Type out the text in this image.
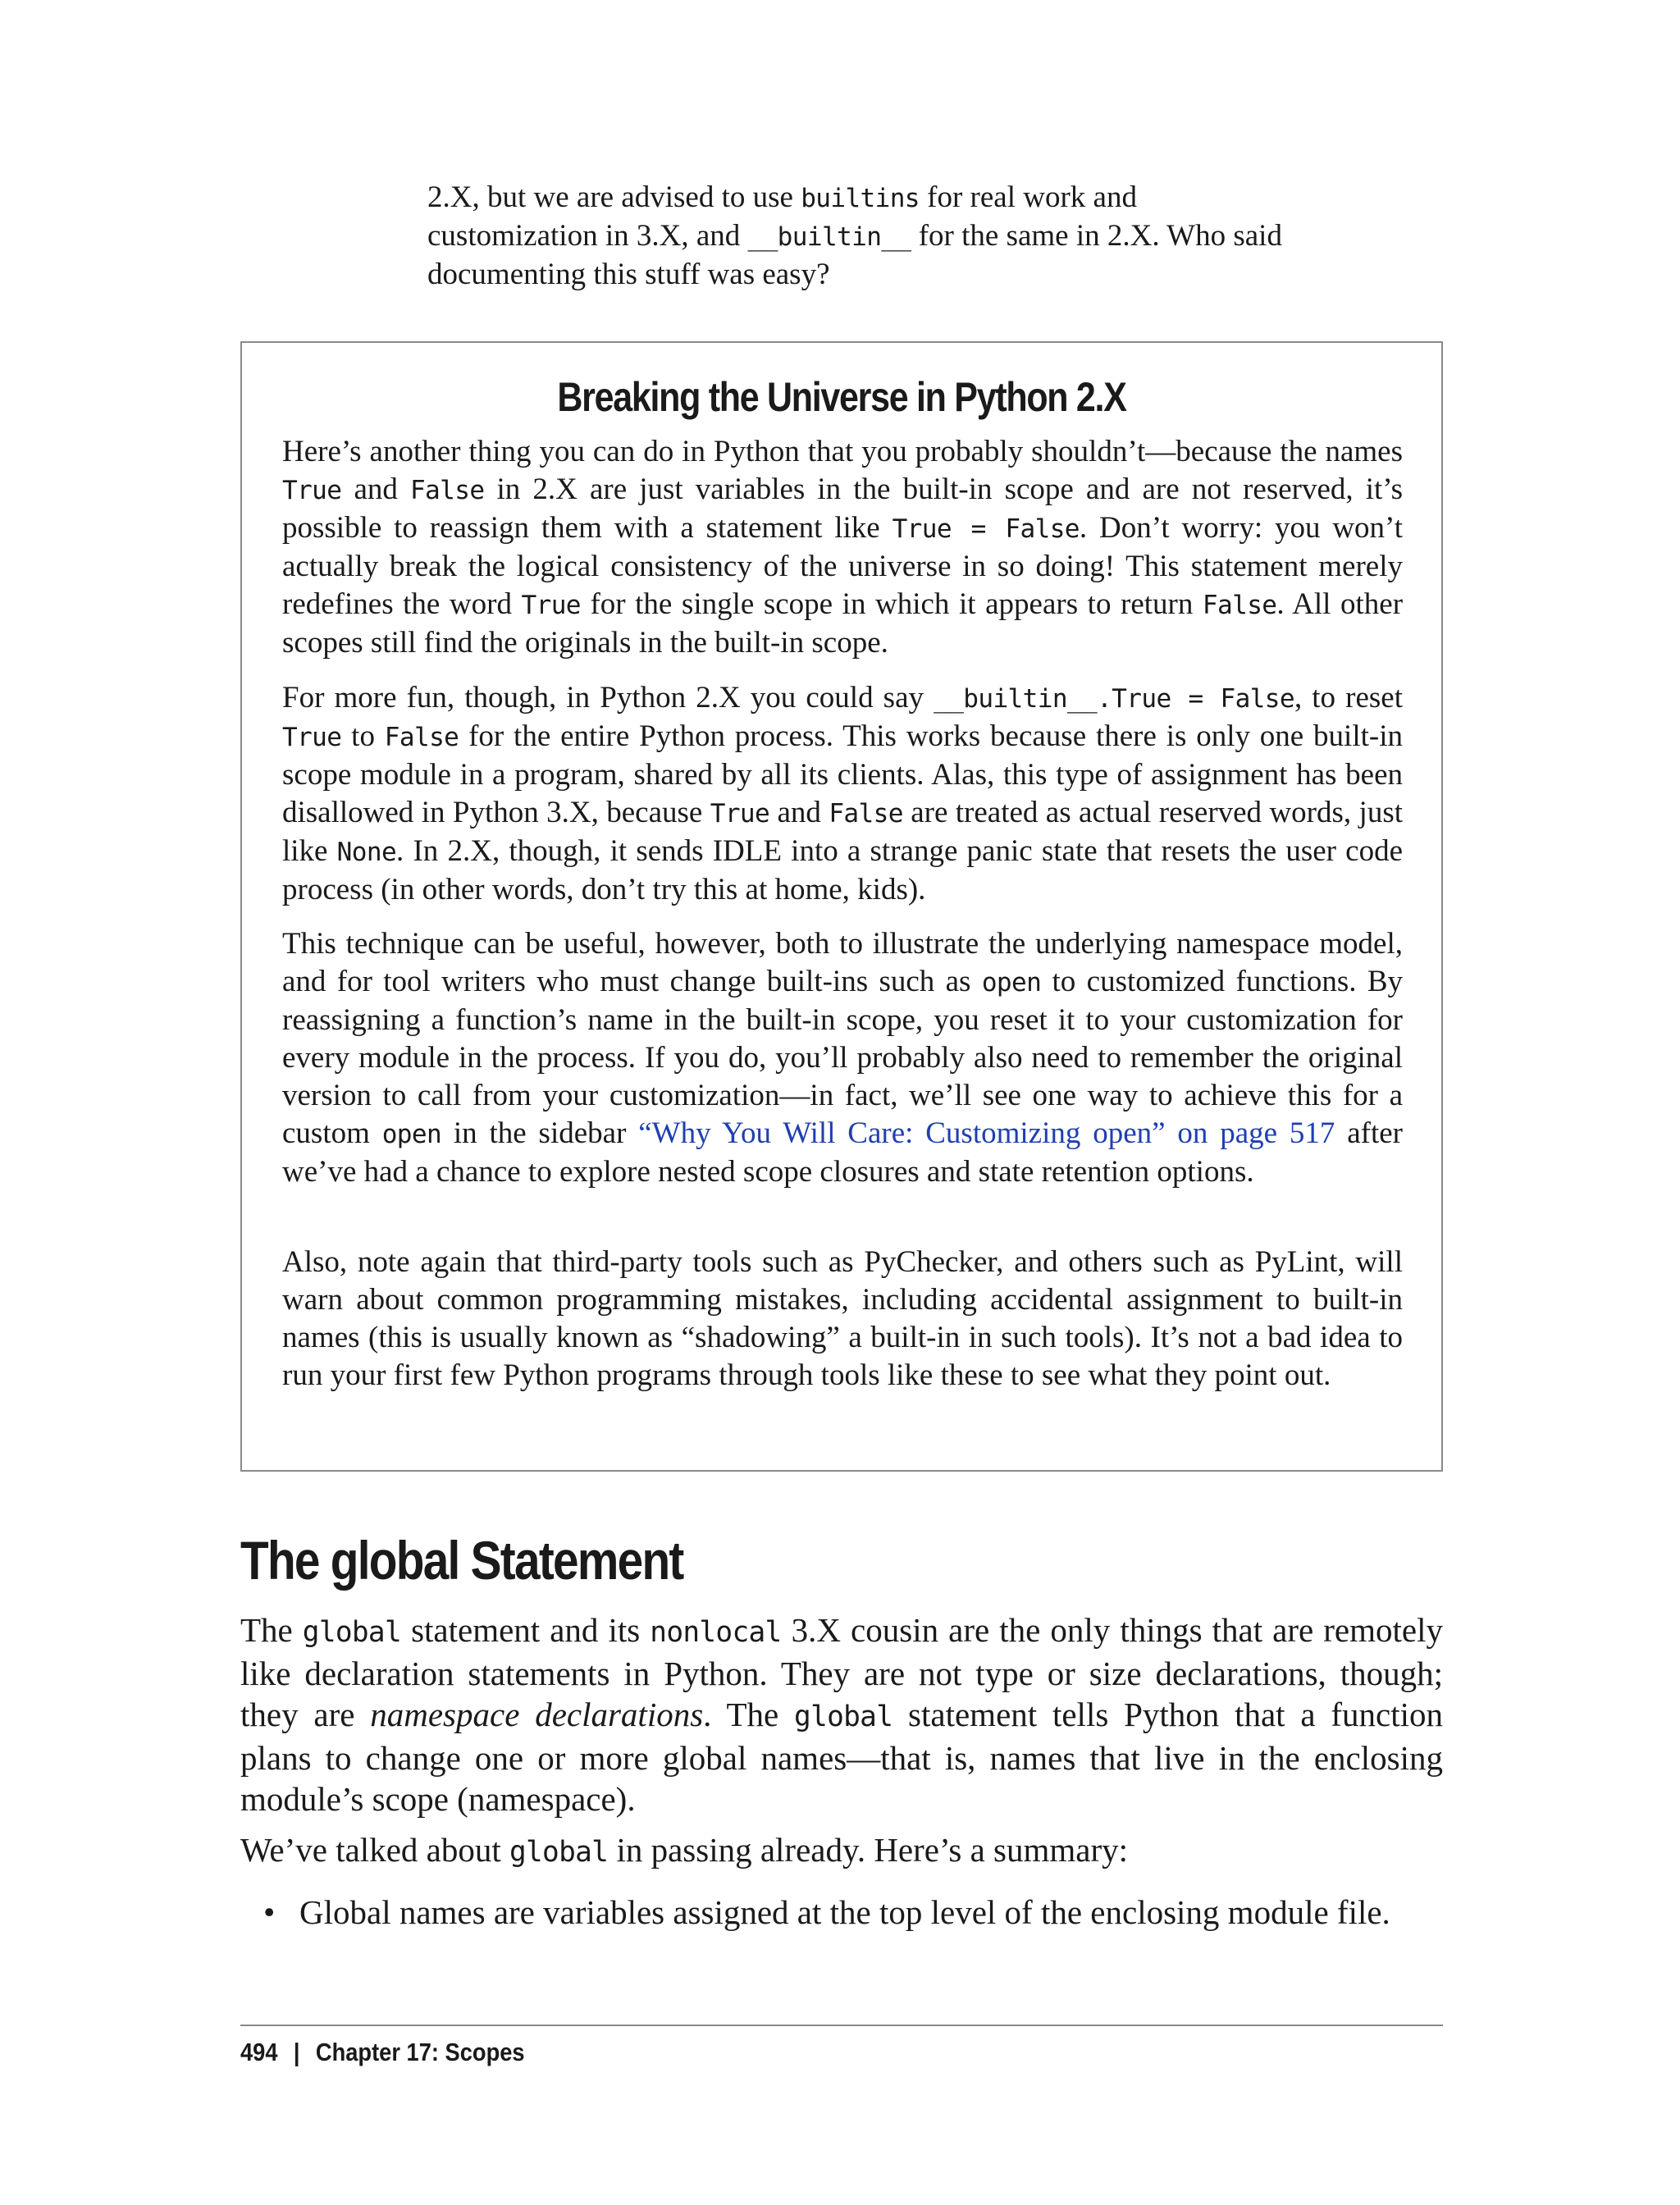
2.X, but we are advised to use builtins for real work and customization in 3.X, and __builtin__ for the same in 2.X. Who said documenting this stuff was easy?

Breaking the Universe in Python 2.X

Here’s another thing you can do in Python that you probably shouldn’t—because the names True and False in 2.X are just variables in the built-in scope and are not reserved, it’s possible to reassign them with a statement like True = False. Don’t worry: you won’t actually break the logical consistency of the universe in so doing! This statement merely redefines the word True for the single scope in which it appears to return False. All other scopes still find the originals in the built-in scope.

For more fun, though, in Python 2.X you could say __builtin__.True = False, to reset True to False for the entire Python process. This works because there is only one built-in scope module in a program, shared by all its clients. Alas, this type of assignment has been disallowed in Python 3.X, because True and False are treated as actual reserved words, just like None. In 2.X, though, it sends IDLE into a strange panic state that resets the user code process (in other words, don’t try this at home, kids).

This technique can be useful, however, both to illustrate the underlying namespace model, and for tool writers who must change built-ins such as open to customized functions. By reassigning a function’s name in the built-in scope, you reset it to your customization for every module in the process. If you do, you’ll probably also need to remember the original version to call from your customization—in fact, we’ll see one way to achieve this for a custom open in the sidebar “Why You Will Care: Customizing open” on page 517 after we’ve had a chance to explore nested scope closures and state retention options.

Also, note again that third-party tools such as PyChecker, and others such as PyLint, will warn about common programming mistakes, including accidental assignment to built-in names (this is usually known as “shadowing” a built-in in such tools). It’s not a bad idea to run your first few Python programs through tools like these to see what they point out.

The global Statement

The global statement and its nonlocal 3.X cousin are the only things that are remotely like declaration statements in Python. They are not type or size declarations, though; they are namespace declarations. The global statement tells Python that a function plans to change one or more global names—that is, names that live in the enclosing module’s scope (namespace).

We’ve talked about global in passing already. Here’s a summary:

• Global names are variables assigned at the top level of the enclosing module file.
494 | Chapter 17: Scopes
